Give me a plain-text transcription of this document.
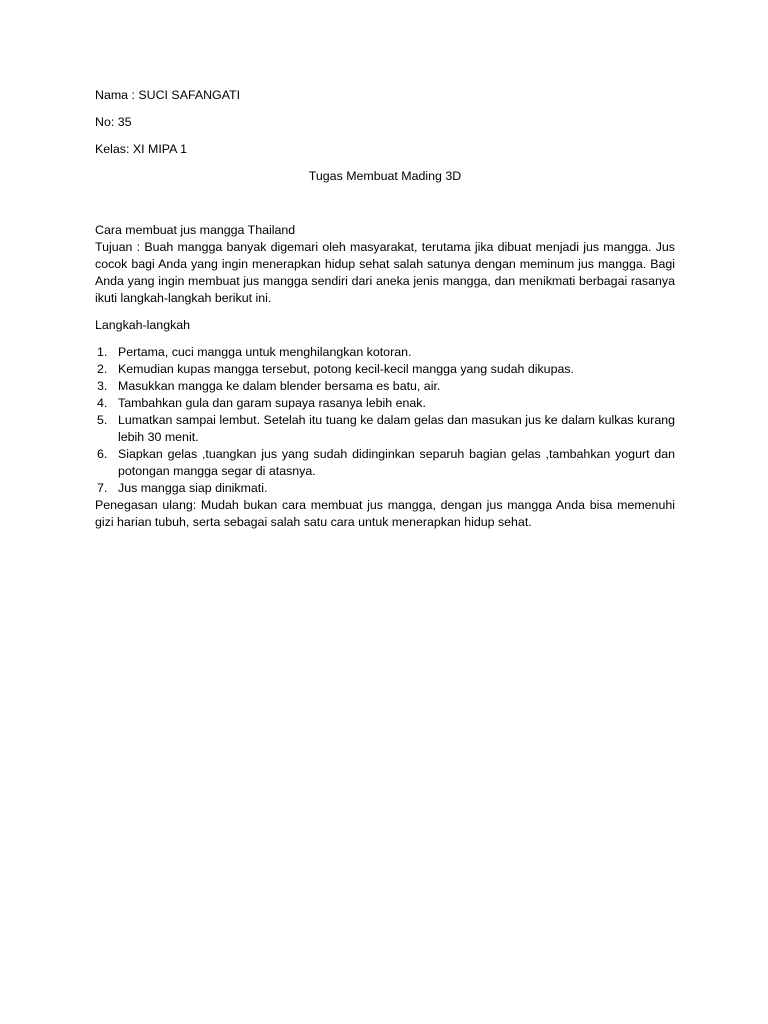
Nama : SUCI SAFANGATI

No: 35

Kelas: XI MIPA 1

Tugas Membuat Mading 3D

Cara membuat jus mangga Thailand

Tujuan : Buah mangga banyak digemari oleh masyarakat, terutama jika dibuat menjadi jus mangga. Jus cocok bagi Anda yang ingin menerapkan hidup sehat salah satunya dengan meminum jus mangga. Bagi Anda yang ingin membuat jus mangga sendiri dari aneka jenis mangga, dan menikmati berbagai rasanya ikuti langkah-langkah berikut ini.

Langkah-langkah

1. Pertama, cuci mangga untuk menghilangkan kotoran.
2. Kemudian kupas mangga tersebut, potong kecil-kecil mangga yang sudah dikupas.
3. Masukkan mangga ke dalam blender bersama es batu, air.
4. Tambahkan gula dan garam supaya rasanya lebih enak.
5. Lumatkan sampai lembut. Setelah itu tuang ke dalam gelas dan masukan jus ke dalam kulkas kurang lebih 30 menit.
6. Siapkan gelas ,tuangkan jus yang sudah didinginkan separuh bagian gelas ,tambahkan yogurt dan potongan mangga segar di atasnya.
7. Jus mangga siap dinikmati.

Penegasan ulang: Mudah bukan cara membuat jus mangga, dengan jus mangga Anda bisa memenuhi gizi harian tubuh, serta sebagai salah satu cara untuk menerapkan hidup sehat.
